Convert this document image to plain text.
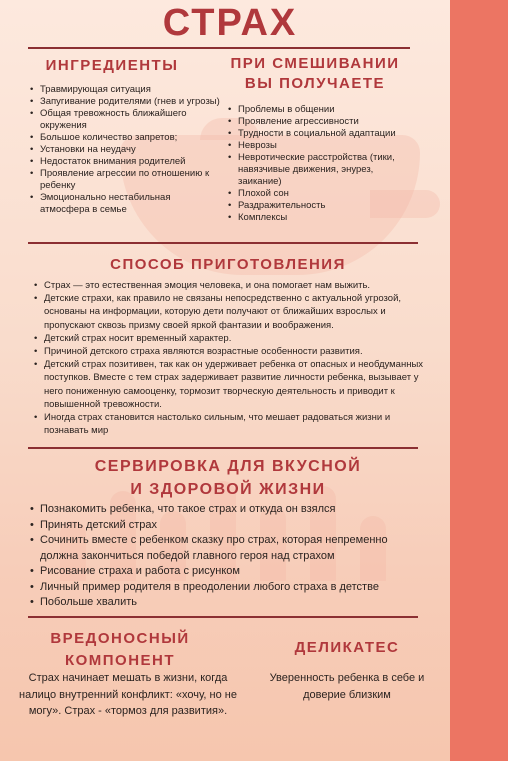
СТРАХ
ИНГРЕДИЕНТЫ
• Травмирующая ситуация
• Запугивание родителями (гнев и угрозы)
• Общая тревожность ближайшего окружения
• Большое количество запретов;
• Установки на неудачу
• Недостаток внимания родителей
• Проявление агрессии по отношению к ребенку
• Эмоционально нестабильная атмосфера в семье
ПРИ СМЕШИВАНИИ
ВЫ ПОЛУЧАЕТЕ
• Проблемы в общении
• Проявление агрессивности
• Трудности в социальной адаптации
• Неврозы
• Невротические расстройства (тики, навязчивые движения, энурез, заикание)
• Плохой сон
• Раздражительность
• Комплексы
СПОСОБ ПРИГОТОВЛЕНИЯ
• Страх — это естественная эмоция человека, и она помогает нам выжить.
• Детские страхи, как правило не связаны непосредственно с актуальной угрозой, основаны на информации, которую дети получают от ближайших взрослых и пропускают сквозь призму своей яркой фантазии и воображения.
• Детский страх носит временный характер.
• Причиной детского страха являются возрастные особенности развития.
• Детский страх позитивен, так как он удерживает ребенка от опасных и необдуманных поступков. Вместе с тем страх задерживает развитие личности ребенка, вызывает у него пониженную самооценку, тормозит творческую деятельность и приводит к повышенной тревожности.
• Иногда страх становится настолько сильным, что мешает радоваться жизни и познавать мир
СЕРВИРОВКА ДЛЯ ВКУСНОЙ
И ЗДОРОВОЙ ЖИЗНИ
• Познакомить ребенка, что такое страх и откуда он взялся
• Принять детский страх
• Сочинить вместе с ребенком сказку про страх, которая непременно должна закончиться победой главного героя над страхом
• Рисование страха и работа с рисунком
• Личный пример родителя в преодолении любого страха в детстве
• Побольше хвалить
ВРЕДОНОСНЫЙ
КОМПОНЕНТ
Страх начинает мешать в жизни, когда налицо внутренний конфликт: «хочу, но не могу». Страх - «тормоз для развития».
ДЕЛИКАТЕС
Уверенность ребенка в себе и доверие близким
